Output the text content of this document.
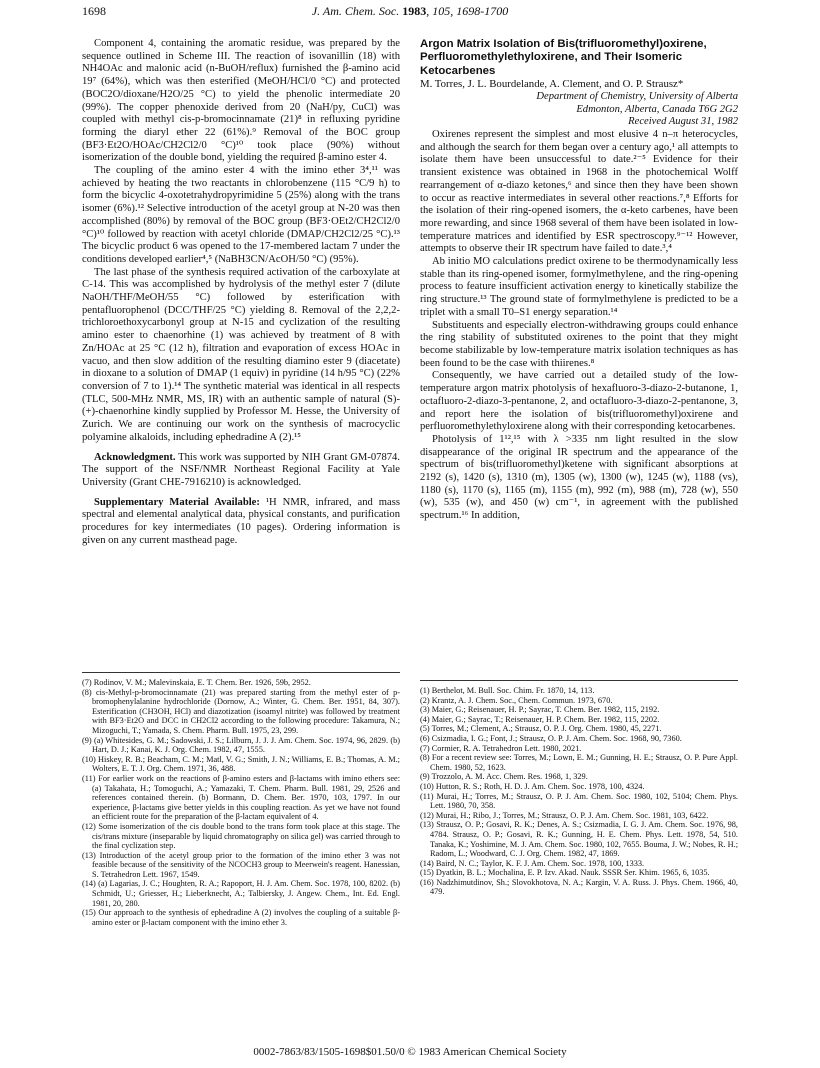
1698	J. Am. Chem. Soc. 1983, 105, 1698-1700

Component 4, containing the aromatic residue, was prepared by the sequence outlined in Scheme III. The reaction of isovanillin (18) with NH4OAc and malonic acid (n-BuOH/reflux) furnished the β-amino acid 19⁷ (64%), which was then esterified (MeOH/HCl/0 °C) and protected (BOC2O/dioxane/H2O/25 °C) to yield the phenolic intermediate 20 (99%). The copper phenoxide derived from 20 (NaH/py, CuCl) was coupled with methyl cis-p-bromocinnamate (21)⁸ in refluxing pyridine forming the diaryl ether 22 (61%).⁹ Removal of the BOC group (BF3·Et2O/HOAc/CH2Cl2/0 °C)¹⁰ took place (90%) without isomerization of the double bond, yielding the required β-amino ester 4.

The coupling of the amino ester 4 with the imino ether 3⁴,¹¹ was achieved by heating the two reactants in chlorobenzene (115 °C/9 h) to form the bicyclic 4-oxotetrahydropyrimidine 5 (25%) along with the trans isomer (6%).¹² Selective introduction of the acetyl group at N-20 was then accomplished (80%) by removal of the BOC group (BF3·OEt2/CH2Cl2/0 °C)¹⁰ followed by reaction with acetyl chloride (DMAP/CH2Cl2/25 °C).¹³ The bicyclic product 6 was opened to the 17-membered lactam 7 under the conditions developed earlier⁴,⁵ (NaBH3CN/AcOH/50 °C) (95%).

The last phase of the synthesis required activation of the carboxylate at C-14. This was accomplished by hydrolysis of the methyl ester 7 (dilute NaOH/THF/MeOH/55 °C) followed by esterification with pentafluorophenol (DCC/THF/25 °C) yielding 8. Removal of the 2,2,2-trichloroethoxycarbonyl group at N-15 and cyclization of the resulting amino ester to chaenorhine (1) was achieved by treatment of 8 with Zn/HOAc at 25 °C (12 h), filtration and evaporation of excess HOAc in vacuo, and then slow addition of the resulting diamino ester 9 (diacetate) in dioxane to a solution of DMAP (1 equiv) in pyridine (14 h/95 °C) (22% conversion of 7 to 1).¹⁴ The synthetic material was identical in all respects (TLC, 500-MHz NMR, MS, IR) with an authentic sample of natural (S)-(+)-chaenorhine kindly supplied by Professor M. Hesse, the University of Zurich. We are continuing our work on the synthesis of macrocyclic polyamine alkaloids, including ephedradine A (2).¹⁵

Acknowledgment. This work was supported by NIH Grant GM-07874. The support of the NSF/NMR Northeast Regional Facility at Yale University (Grant CHE-7916210) is acknowledged.

Supplementary Material Available: ¹H NMR, infrared, and mass spectral and elemental analytical data, physical constants, and purification procedures for key intermediates (10 pages). Ordering information is given on any current masthead page.

(7) Rodinov, V. M.; Malevinskaia, E. T. Chem. Ber. 1926, 59b, 2952.

(8) cis-Methyl-p-bromocinnamate (21) was prepared starting from the methyl ester of p-bromophenylalanine hydrochloride (Dornow, A.; Winter, G. Chem. Ber. 1951, 84, 307). Esterification (CH3OH, HCl) and diazotization (isoamyl nitrite) was followed by treatment with BF3·Et2O and DCC in CH2Cl2 according to the following procedure: Takamura, N.; Mizoguchi, T.; Yamada, S. Chem. Pharm. Bull. 1975, 23, 299.

(9) (a) Whitesides, G. M.; Sadowski, J. S.; Lilburn, J. J. J. Am. Chem. Soc. 1974, 96, 2829. (b) Hart, D. J.; Kanai, K. J. Org. Chem. 1982, 47, 1555.

(10) Hiskey, R. B.; Beacham, C. M.; Matl, V. G.; Smith, J. N.; Williams, E. B.; Thomas, A. M.; Wolters, E. T. J. Org. Chem. 1971, 36, 488.

(11) For earlier work on the reactions of β-amino esters and β-lactams with imino ethers see: (a) Takahata, H.; Tomoguchi, A.; Yamazaki, T. Chem. Pharm. Bull. 1981, 29, 2526 and references contained therein. (b) Bormann, D. Chem. Ber. 1970, 103, 1797. In our experience, β-lactams give better yields in this coupling reaction. As yet we have not found an efficient route for the preparation of the β-lactam equivalent of 4.

(12) Some isomerization of the cis double bond to the trans form took place at this stage. The cis/trans mixture (inseparable by liquid chromatography on silica gel) was carried through to the final cyclization step.

(13) Introduction of the acetyl group prior to the formation of the imino ether 3 was not feasible because of the sensitivity of the NCOCH3 group to Meerwein's reagent. Hanessian, S. Tetrahedron Lett. 1967, 1549.

(14) (a) Lagarias, J. C.; Houghten, R. A.; Rapoport, H. J. Am. Chem. Soc. 1978, 100, 8202. (b) Schmidt, U.; Griesser, H.; Lieberknecht, A.; Talbiersky, J. Angew. Chem., Int. Ed. Engl. 1981, 20, 280.

(15) Our approach to the synthesis of ephedradine A (2) involves the coupling of a suitable β-amino ester or β-lactam component with the imino ether 3.

Argon Matrix Isolation of Bis(trifluoromethyl)oxirene, Perfluoromethylethyloxirene, and Their Isomeric Ketocarbenes

M. Torres, J. L. Bourdelande, A. Clement, and O. P. Strausz*

Department of Chemistry, University of Alberta
Edmonton, Alberta, Canada T6G 2G2

Received August 31, 1982

Oxirenes represent the simplest and most elusive 4 n–π heterocycles, and although the search for them began over a century ago,¹ all attempts to isolate them have been unsuccessful to date.²⁻⁵ Evidence for their transient existence was obtained in 1968 in the photochemical Wolff rearrangement of α-diazo ketones,⁶ and since then they have been shown to occur as reactive intermediates in several other reactions.⁷,⁸ Efforts for the isolation of their ring-opened isomers, the α-keto carbenes, have been more rewarding, and since 1968 several of them have been isolated in low-temperature matrices and identified by ESR spectroscopy.⁹⁻¹² However, attempts to observe their IR spectrum have failed to date.³,⁴

Ab initio MO calculations predict oxirene to be thermodynamically less stable than its ring-opened isomer, formylmethylene, and the ring-opening process to feature insufficient activation energy to kinetically stabilize the ring structure.¹³ The ground state of formylmethylene is predicted to be a triplet with a small T0–S1 energy separation.¹⁴

Substituents and especially electron-withdrawing groups could enhance the ring stability of substituted oxirenes to the point that they might become stabilizable by low-temperature matrix isolation techniques as has been found to be the case with thiirenes.⁸

Consequently, we have carried out a detailed study of the low-temperature argon matrix photolysis of hexafluoro-3-diazo-2-butanone, 1, octafluoro-2-diazo-3-pentanone, 2, and octafluoro-3-diazo-2-pentanone, 3, and report here the isolation of bis(trifluoromethyl)oxirene and perfluoromethylethyloxirene along with their corresponding ketocarbenes.

Photolysis of 1¹²,¹⁵ with λ >335 nm light resulted in the slow disappearance of the original IR spectrum and the appearance of the spectrum of bis(trifluoromethyl)ketene with significant absorptions at 2192 (s), 1420 (s), 1310 (m), 1305 (w), 1300 (w), 1245 (w), 1188 (vs), 1180 (s), 1170 (s), 1165 (m), 1155 (m), 992 (m), 988 (m), 728 (w), 550 (w), 535 (w), and 450 (w) cm⁻¹, in agreement with the published spectrum.¹⁶ In addition,

(1) Berthelot, M. Bull. Soc. Chim. Fr. 1870, 14, 113.

(2) Krantz, A. J. Chem. Soc., Chem. Commun. 1973, 670.

(3) Maier, G.; Reisenauer, H. P.; Sayrac, T. Chem. Ber. 1982, 115, 2192.

(4) Maier, G.; Sayrac, T.; Reisenauer, H. P. Chem. Ber. 1982, 115, 2202.

(5) Torres, M.; Clement, A.; Strausz, O. P. J. Org. Chem. 1980, 45, 2271.

(6) Csizmadia, I. G.; Font, J.; Strausz, O. P. J. Am. Chem. Soc. 1968, 90, 7360.

(7) Cormier, R. A. Tetrahedron Lett. 1980, 2021.

(8) For a recent review see: Torres, M.; Lown, E. M.; Gunning, H. E.; Strausz, O. P. Pure Appl. Chem. 1980, 52, 1623.

(9) Trozzolo, A. M. Acc. Chem. Res. 1968, 1, 329.

(10) Hutton, R. S.; Roth, H. D. J. Am. Chem. Soc. 1978, 100, 4324.

(11) Murai, H.; Torres, M.; Strausz, O. P. J. Am. Chem. Soc. 1980, 102, 5104; Chem. Phys. Lett. 1980, 70, 358.

(12) Murai, H.; Ribo, J.; Torres, M.; Strausz, O. P. J. Am. Chem. Soc. 1981, 103, 6422.

(13) Strausz, O. P.; Gosavi, R. K.; Denes, A. S.; Csizmadia, I. G. J. Am. Chem. Soc. 1976, 98, 4784. Strausz, O. P.; Gosavi, R. K.; Gunning, H. E. Chem. Phys. Lett. 1978, 54, 510. Tanaka, K.; Yoshimine, M. J. Am. Chem. Soc. 1980, 102, 7655. Bouma, J. W.; Nobes, R. H.; Radom, L.; Woodward, C. J. Org. Chem. 1982, 47, 1869.

(14) Baird, N. C.; Taylor, K. F. J. Am. Chem. Soc. 1978, 100, 1333.

(15) Dyatkin, B. L.; Mochalina, E. P. Izv. Akad. Nauk. SSSR Ser. Khim. 1965, 6, 1035.

(16) Nadzhimutdinov, Sh.; Slovokhotova, N. A.; Kargin, V. A. Russ. J. Phys. Chem. 1966, 40, 479.

0002-7863/83/1505-1698$01.50/0 © 1983 American Chemical Society
